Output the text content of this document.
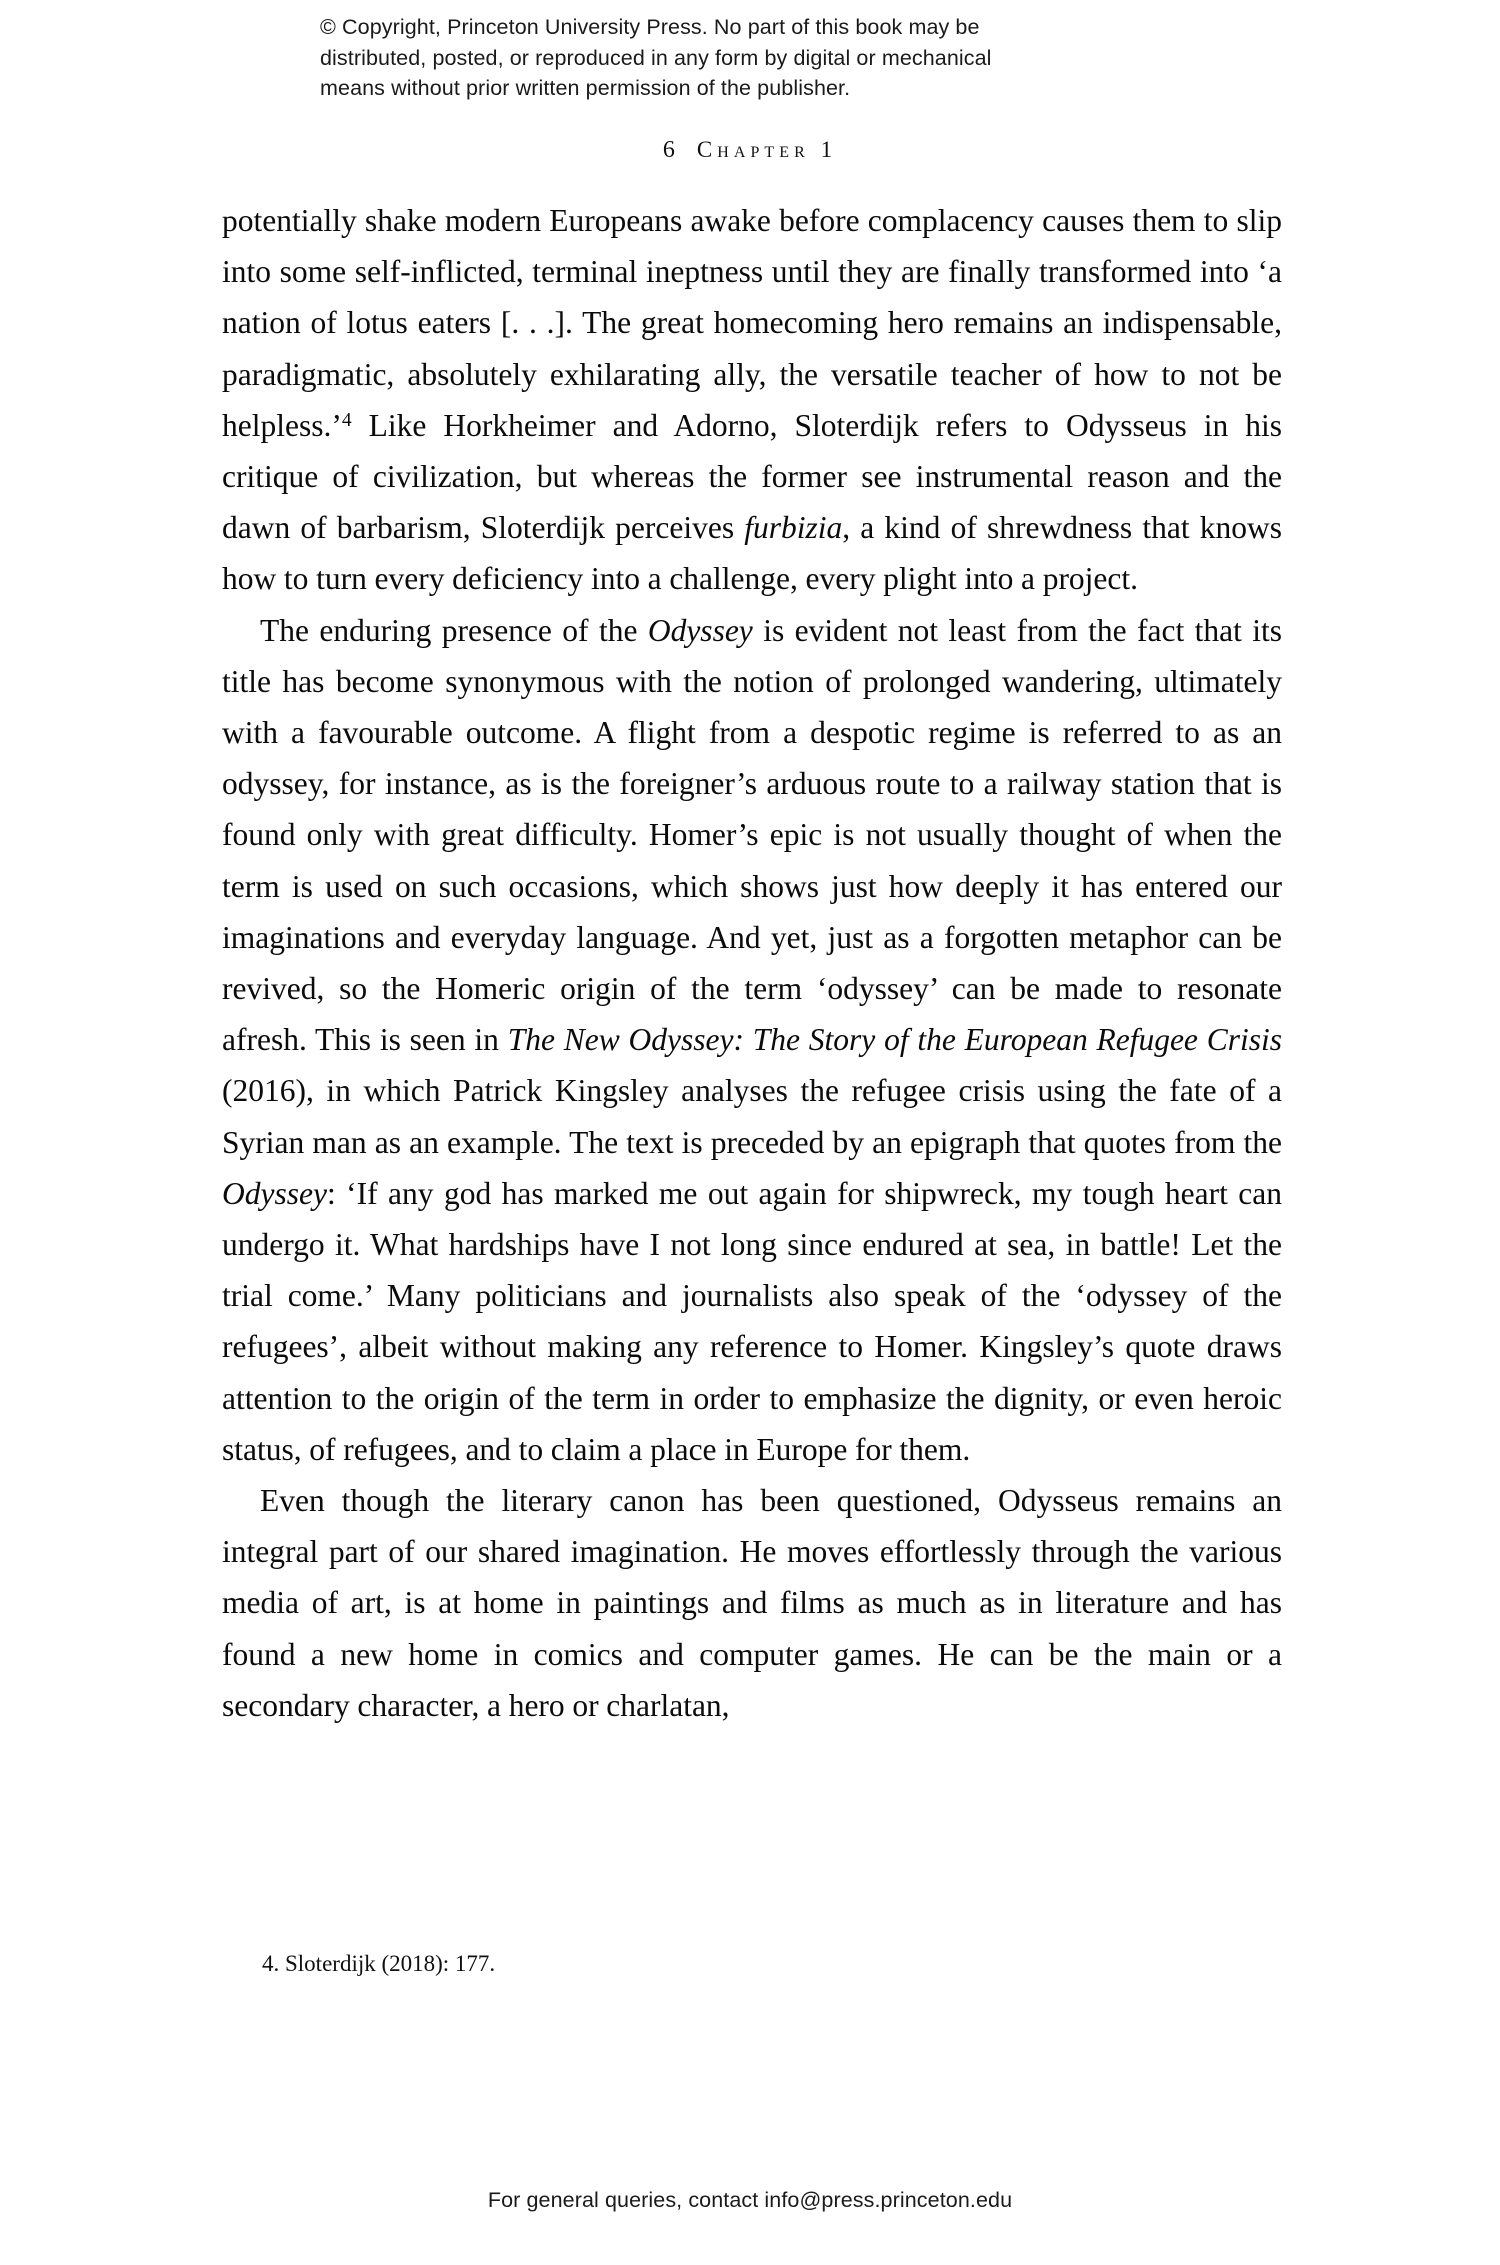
© Copyright, Princeton University Press. No part of this book may be
distributed, posted, or reproduced in any form by digital or mechanical
means without prior written permission of the publisher.
6 Chapter 1

potentially shake modern Europeans awake before complacency causes them to slip into some self-inflicted, terminal ineptness until they are finally transformed into ‘a nation of lotus eaters [. . .]. The great homecoming hero remains an indispensable, paradigmatic, absolutely exhilarating ally, the versatile teacher of how to not be helpless.’$^4$ Like Horkheimer and Adorno, Sloterdijk refers to Odysseus in his critique of civilization, but whereas the former see instrumental reason and the dawn of barbarism, Sloterdijk perceives furbizia, a kind of shrewdness that knows how to turn every deficiency into a challenge, every plight into a project.

The enduring presence of the Odyssey is evident not least from the fact that its title has become synonymous with the notion of prolonged wandering, ultimately with a favourable outcome. A flight from a despotic regime is referred to as an odyssey, for instance, as is the foreigner’s arduous route to a railway station that is found only with great difficulty. Homer’s epic is not usually thought of when the term is used on such occasions, which shows just how deeply it has entered our imaginations and everyday language. And yet, just as a forgotten metaphor can be revived, so the Homeric origin of the term ‘odyssey’ can be made to resonate afresh. This is seen in The New Odyssey: The Story of the European Refugee Crisis (2016), in which Patrick Kingsley analyses the refugee crisis using the fate of a Syrian man as an example. The text is preceded by an epigraph that quotes from the Odyssey: ‘If any god has marked me out again for shipwreck, my tough heart can undergo it. What hardships have I not long since endured at sea, in battle! Let the trial come.’ Many politicians and journalists also speak of the ‘odyssey of the refugees’, albeit without making any reference to Homer. Kingsley’s quote draws attention to the origin of the term in order to emphasize the dignity, or even heroic status, of refugees, and to claim a place in Europe for them.

Even though the literary canon has been questioned, Odysseus remains an integral part of our shared imagination. He moves effortlessly through the various media of art, is at home in paintings and films as much as in literature and has found a new home in comics and computer games. He can be the main or a secondary character, a hero or charlatan,

4. Sloterdijk (2018): 177.
For general queries, contact info@press.princeton.edu
